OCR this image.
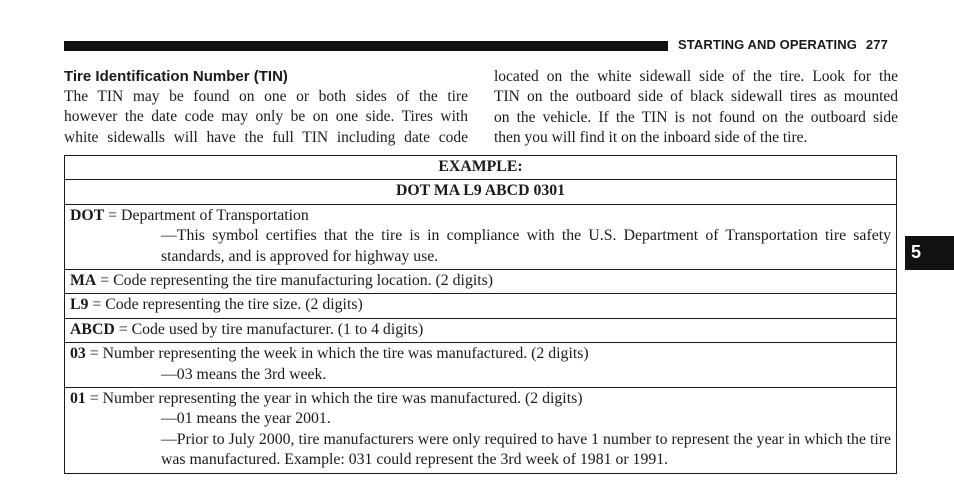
STARTING AND OPERATING 277
Tire Identification Number (TIN)

The TIN may be found on one or both sides of the tire
however the date code may only be on one side. Tires with
white sidewalls will have the full TIN including date code

located on the white sidewall side of the tire. Look for the
TIN on the outboard side of black sidewall tires as mounted
on the vehicle. If the TIN is not found on the outboard side
then you will find it on the inboard side of the tire.

EXAMPLE:
DOT MA L9 ABCD 0301
DOT = Department of Transportation
—This symbol certifies that the tire is in compliance with the U.S. Department of Transportation tire safety standards, and is approved for highway use.

MA = Code representing the tire manufacturing location. (2 digits)
L9 = Code representing the tire size. (2 digits)
ABCD = Code used by tire manufacturer. (1 to 4 digits)
03 = Number representing the week in which the tire was manufactured. (2 digits)
—03 means the 3rd week.

01 = Number representing the year in which the tire was manufactured. (2 digits)
—01 means the year 2001.
—Prior to July 2000, tire manufacturers were only required to have 1 number to represent the year in which the tire was manufactured. Example: 031 could represent the 3rd week of 1981 or 1991.
5
